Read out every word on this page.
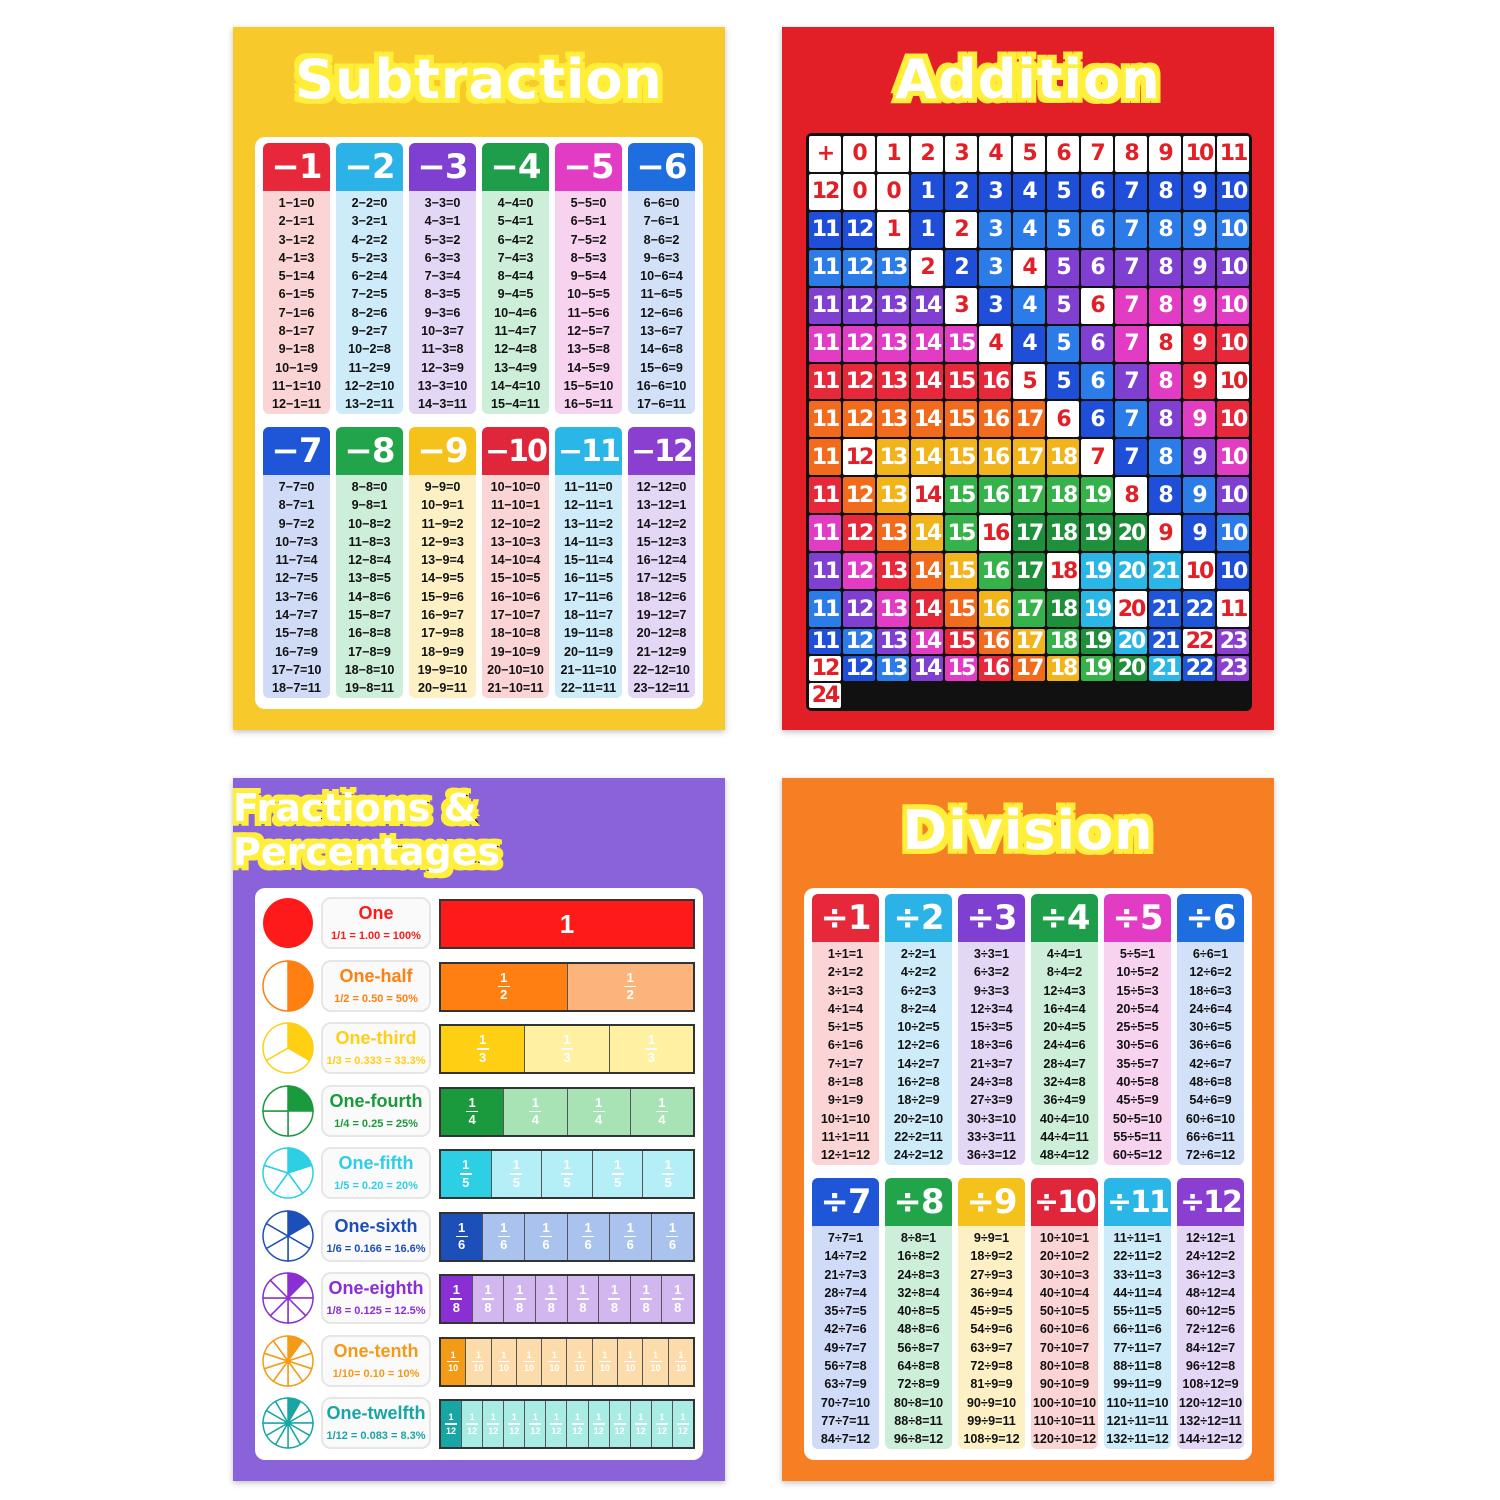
Subtraction
−1
1−1=0
2−1=1
3−1=2
4−1=3
5−1=4
6−1=5
7−1=6
8−1=7
9−1=8
10−1=9
11−1=10
12−1=11
−2
2−2=0
3−2=1
4−2=2
5−2=3
6−2=4
7−2=5
8−2=6
9−2=7
10−2=8
11−2=9
12−2=10
13−2=11
−3
3−3=0
4−3=1
5−3=2
6−3=3
7−3=4
8−3=5
9−3=6
10−3=7
11−3=8
12−3=9
13−3=10
14−3=11
−4
4−4=0
5−4=1
6−4=2
7−4=3
8−4=4
9−4=5
10−4=6
11−4=7
12−4=8
13−4=9
14−4=10
15−4=11
−5
5−5=0
6−5=1
7−5=2
8−5=3
9−5=4
10−5=5
11−5=6
12−5=7
13−5=8
14−5=9
15−5=10
16−5=11
−6
6−6=0
7−6=1
8−6=2
9−6=3
10−6=4
11−6=5
12−6=6
13−6=7
14−6=8
15−6=9
16−6=10
17−6=11
−7
7−7=0
8−7=1
9−7=2
10−7=3
11−7=4
12−7=5
13−7=6
14−7=7
15−7=8
16−7=9
17−7=10
18−7=11
−8
8−8=0
9−8=1
10−8=2
11−8=3
12−8=4
13−8=5
14−8=6
15−8=7
16−8=8
17−8=9
18−8=10
19−8=11
−9
9−9=0
10−9=1
11−9=2
12−9=3
13−9=4
14−9=5
15−9=6
16−9=7
17−9=8
18−9=9
19−9=10
20−9=11
−10
10−10=0
11−10=1
12−10=2
13−10=3
14−10=4
15−10=5
16−10=6
17−10=7
18−10=8
19−10=9
20−10=10
21−10=11
−11
11−11=0
12−11=1
13−11=2
14−11=3
15−11=4
16−11=5
17−11=6
18−11=7
19−11=8
20−11=9
21−11=10
22−11=11
−12
12−12=0
13−12=1
14−12=2
15−12=3
16−12=4
17−12=5
18−12=6
19−12=7
20−12=8
21−12=9
22−12=10
23−12=11
Addition
+ 0 1 2 3 4 5 6 7 8 9 10 11
12 0 0 1 2 3 4 5 6 7 8 9 10
11 12 1 1 2 3 4 5 6 7 8 9 10
11 12 13 2 2 3 4 5 6 7 8 9 10
11 12 13 14 3 3 4 5 6 7 8 9 10
11 12 13 14 15 4 4 5 6 7 8 9 10
11 12 13 14 15 16 5 5 6 7 8 9 10
11 12 13 14 15 16 17 6 6 7 8 9 10
11 12 13 14 15 16 17 18 7 7 8 9 10
11 12 13 14 15 16 17 18 19 8 8 9 10
11 12 13 14 15 16 17 18 19 20 9 9 10
11 12 13 14 15 16 17 18 19 20 21 10 10
11 12 13 14 15 16 17 18 19 20 21 22 11
11 12 13 14 15 16 17 18 19 20 21 22 23
12 12 13 14 15 16 17 18 19 20 21 22 23
24
Fractions & Percentages
One
1/1 = 1.00 = 100%	1
One-half
1/2 = 0.50 = 50%
1
2
1
2
One-third
1/3 = 0.333 = 33.3%
1
3
1
3
1
3
One-fourth
1/4 = 0.25 = 25%
1
4
1
4
1
4
1
4
One-fifth
1/5 = 0.20 = 20%
1
5
1
5
1
5
1
5
1
5
One-sixth
1/6 = 0.166 = 16.6%
1
6
1
6
1
6
1
6
1
6
1
6
One-eighth
1/8 = 0.125 = 12.5%
1
8
1
8
1
8
1
8
1
8
1
8
1
8
1
8
One-tenth
1/10= 0.10 = 10%
1
10
1
10
1
10
1
10
1
10
1
10
1
10
1
10
1
10
1
10
One-twelfth
1/12 = 0.083 = 8.3%
1
12
1
12
1
12
1
12
1
12
1
12
1
12
1
12
1
12
1
12
1
12
1
12
Division
÷1
1÷1=1
2÷1=2
3÷1=3
4÷1=4
5÷1=5
6÷1=6
7÷1=7
8÷1=8
9÷1=9
10÷1=10
11÷1=11
12÷1=12
÷2
2÷2=1
4÷2=2
6÷2=3
8÷2=4
10÷2=5
12÷2=6
14÷2=7
16÷2=8
18÷2=9
20÷2=10
22÷2=11
24÷2=12
÷3
3÷3=1
6÷3=2
9÷3=3
12÷3=4
15÷3=5
18÷3=6
21÷3=7
24÷3=8
27÷3=9
30÷3=10
33÷3=11
36÷3=12
÷4
4÷4=1
8÷4=2
12÷4=3
16÷4=4
20÷4=5
24÷4=6
28÷4=7
32÷4=8
36÷4=9
40÷4=10
44÷4=11
48÷4=12
÷5
5÷5=1
10÷5=2
15÷5=3
20÷5=4
25÷5=5
30÷5=6
35÷5=7
40÷5=8
45÷5=9
50÷5=10
55÷5=11
60÷5=12
÷6
6÷6=1
12÷6=2
18÷6=3
24÷6=4
30÷6=5
36÷6=6
42÷6=7
48÷6=8
54÷6=9
60÷6=10
66÷6=11
72÷6=12
÷7
7÷7=1
14÷7=2
21÷7=3
28÷7=4
35÷7=5
42÷7=6
49÷7=7
56÷7=8
63÷7=9
70÷7=10
77÷7=11
84÷7=12
÷8
8÷8=1
16÷8=2
24÷8=3
32÷8=4
40÷8=5
48÷8=6
56÷8=7
64÷8=8
72÷8=9
80÷8=10
88÷8=11
96÷8=12
÷9
9÷9=1
18÷9=2
27÷9=3
36÷9=4
45÷9=5
54÷9=6
63÷9=7
72÷9=8
81÷9=9
90÷9=10
99÷9=11
108÷9=12
÷10
10÷10=1
20÷10=2
30÷10=3
40÷10=4
50÷10=5
60÷10=6
70÷10=7
80÷10=8
90÷10=9
100÷10=10
110÷10=11
120÷10=12
÷11
11÷11=1
22÷11=2
33÷11=3
44÷11=4
55÷11=5
66÷11=6
77÷11=7
88÷11=8
99÷11=9
110÷11=10
121÷11=11
132÷11=12
÷12
12÷12=1
24÷12=2
36÷12=3
48÷12=4
60÷12=5
72÷12=6
84÷12=7
96÷12=8
108÷12=9
120÷12=10
132÷12=11
144÷12=12
